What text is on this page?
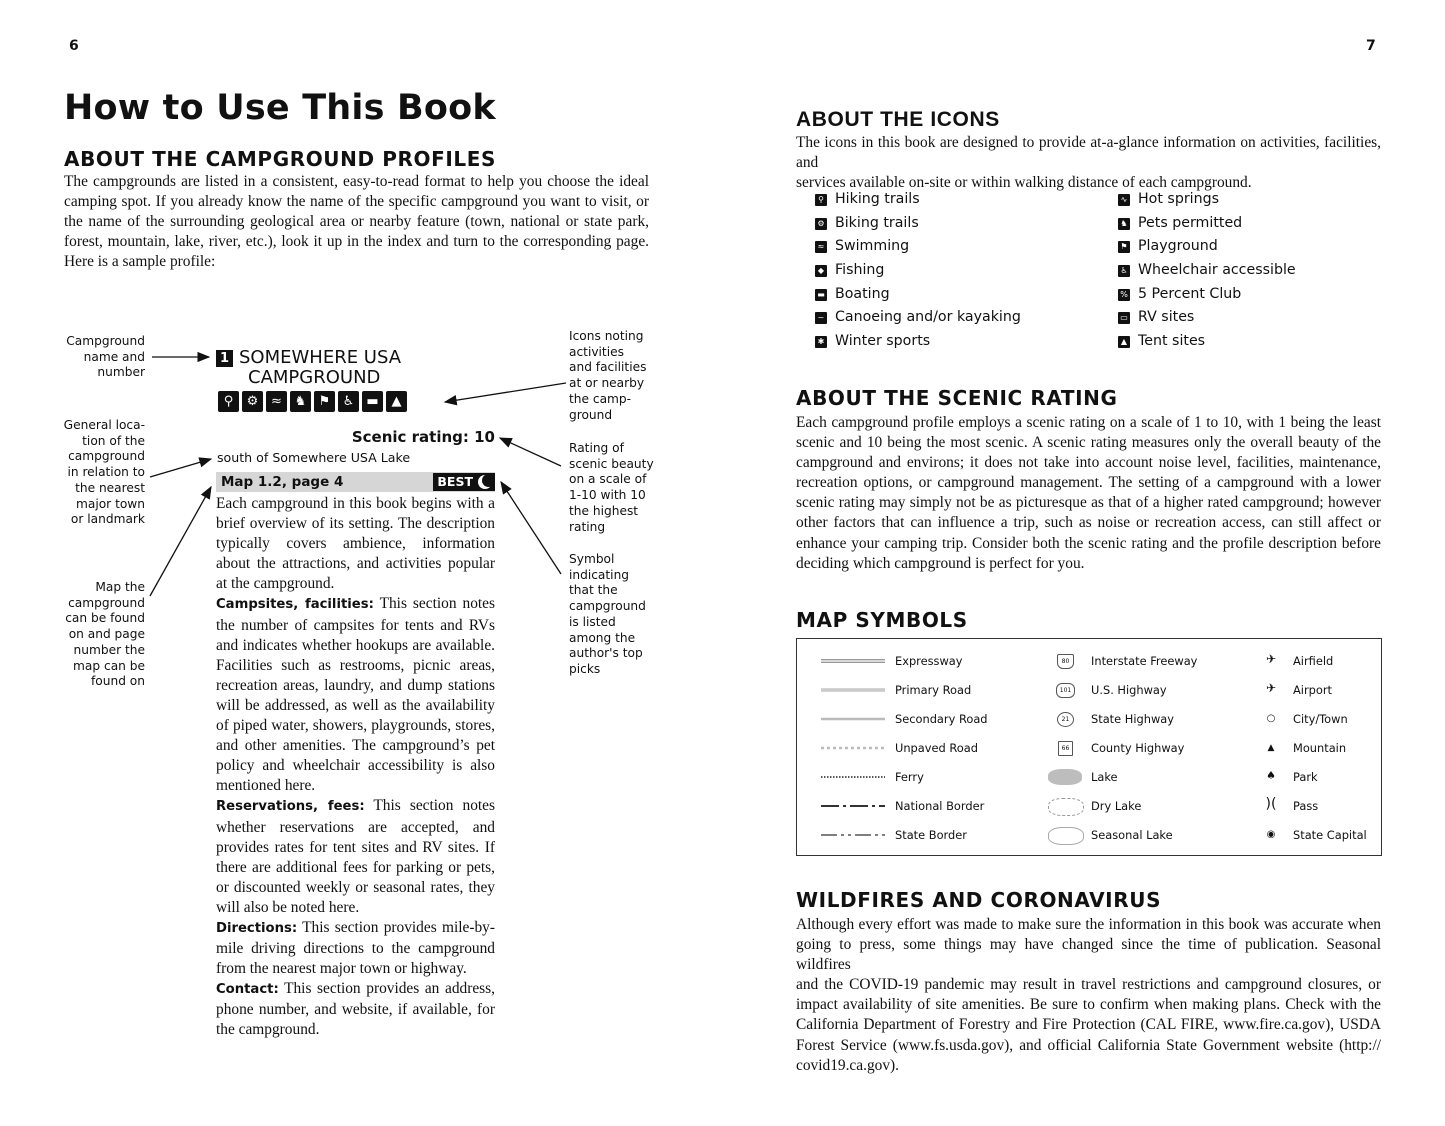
6
How to Use This Book
ABOUT THE CAMPGROUND PROFILES
The campgrounds are listed in a consistent, easy-to-read format to help you choose the ideal
camping spot. If you already know the name of the specific campground you want to visit, or
the name of the surrounding geological area or nearby feature (town, national or state park,
forest, mountain, lake, river, etc.), look it up in the index and turn to the corresponding page.
Here is a sample profile:
Campground
name and
number
General loca-
tion of the
campground
in relation to
the nearest
major town
or landmark
Map the
campground
can be found
on and page
number the
map can be
found on
Icons noting
activities
and facilities
at or nearby
the camp-
ground
Rating of
scenic beauty
on a scale of
1-10 with 10
the highest
rating
Symbol
indicating
that the
campground
is listed
among the
author's top
picks
1 SOMEWHERE USA
CAMPGROUND
⚲	⚙ ≈ ♞ ⚑ ♿ ▬ ▲
Scenic rating: 10
south of Somewhere USA Lake
Map 1.2, page 4	BEST

Each campground in this book begins with a brief overview of its setting. The description typically covers ambience, information about the attractions, and activities popular at the campground.

Campsites, facilities: This section notes the number of campsites for tents and RVs and indicates whether hookups are available. Facilities such as restrooms, picnic areas, recreation areas, laundry, and dump stations will be addressed, as well as the availability of piped water, showers, playgrounds, stores, and other amenities. The campground’s pet policy and wheelchair accessibility is also mentioned here.

Reservations, fees: This section notes whether reservations are accepted, and provides rates for tent sites and RV sites. If there are additional fees for parking or pets, or discounted weekly or seasonal rates, they will also be noted here.

Directions: This section provides mile-by-mile driving directions to the campground from the nearest major town or highway.

Contact: This section provides an address, phone number, and website, if available, for the campground.

7
ABOUT THE ICONS
The icons in this book are designed to provide at-a-glance information on activities, facilities, and
services available on-site or within walking distance of each campground.
⚲ Hiking trails
⚙ Biking trails
≈ Swimming
◆ Fishing
▬ Boating
~ Canoeing and/or kayaking
✱ Winter sports
∿ Hot springs
♞ Pets permitted
⚑ Playground
♿ Wheelchair accessible
% 5 Percent Club
▭ RV sites
▲ Tent sites
ABOUT THE SCENIC RATING
Each campground profile employs a scenic rating on a scale of 1 to 10, with 1 being the least
scenic and 10 being the most scenic. A scenic rating measures only the overall beauty of the
campground and environs; it does not take into account noise level, facilities, maintenance,
recreation options, or campground management. The setting of a campground with a lower
scenic rating may simply not be as picturesque as that of a higher rated campground; however
other factors that can influence a trip, such as noise or recreation access, can still affect or
enhance your camping trip. Consider both the scenic rating and the profile description before
deciding which campground is perfect for you.
MAP SYMBOLS
Expressway
Primary Road
Secondary Road
Unpaved Road
Ferry
National Border
State Border
80
101
21
66
Interstate Freeway
U.S. Highway
State Highway
County Highway
Lake
Dry Lake
Seasonal Lake
✈
✈
○
▲
♠
)(
◉
Airfield
Airport
City/Town
Mountain
Park
Pass
State Capital
WILDFIRES AND CORONAVIRUS
Although every effort was made to make sure the information in this book was accurate when
going to press, some things may have changed since the time of publication. Seasonal wildfires
and the COVID-19 pandemic may result in travel restrictions and campground closures, or
impact availability of site amenities. Be sure to confirm when making plans. Check with the
California Department of Forestry and Fire Protection (CAL FIRE, www.fire.ca.gov), USDA
Forest Service (www.fs.usda.gov), and official California State Government website (http://
covid19.ca.gov).
